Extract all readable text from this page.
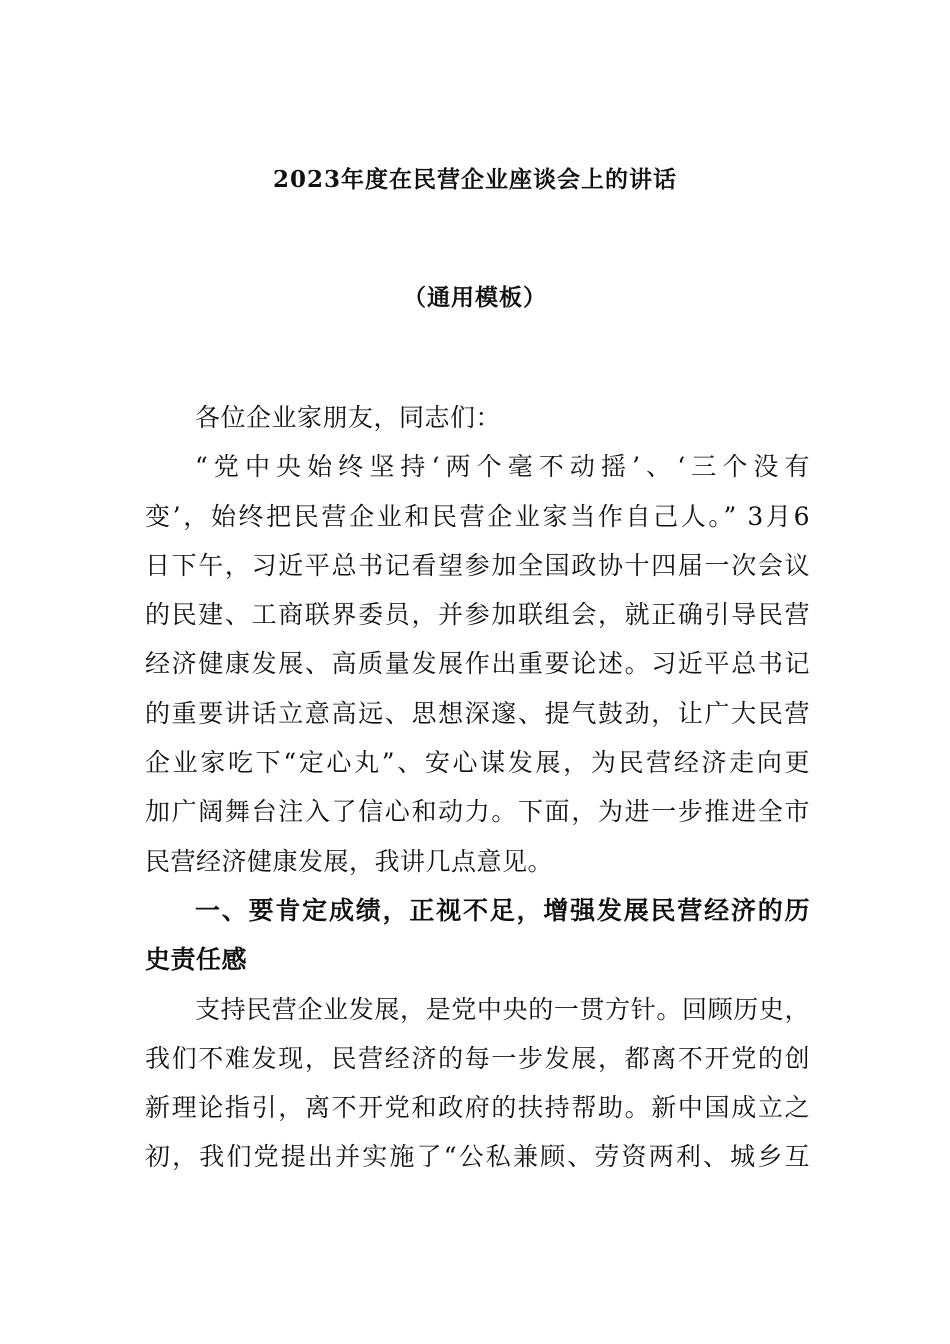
2023年度在民营企业座谈会上的讲话
（通用模板）
各位企业家朋友，同志们：
“党中央始终坚持‘两个毫不动摇’、‘三个没有
变’，始终把民营企业和民营企业家当作自己人。” 3月6
日下午，习近平总书记看望参加全国政协十四届一次会议
的民建、工商联界委员，并参加联组会，就正确引导民营
经济健康发展、高质量发展作出重要论述。习近平总书记
的重要讲话立意高远、思想深邃、提气鼓劲，让广大民营
企业家吃下“定心丸”、安心谋发展，为民营经济走向更
加广阔舞台注入了信心和动力。下面，为进一步推进全市
民营经济健康发展，我讲几点意见。
一、要肯定成绩，正视不足，增强发展民营经济的历
史责任感
支持民营企业发展，是党中央的一贯方针。回顾历史，
我们不难发现，民营经济的每一步发展，都离不开党的创
新理论指引，离不开党和政府的扶持帮助。新中国成立之
初，我们党提出并实施了“公私兼顾、劳资两利、城乡互
